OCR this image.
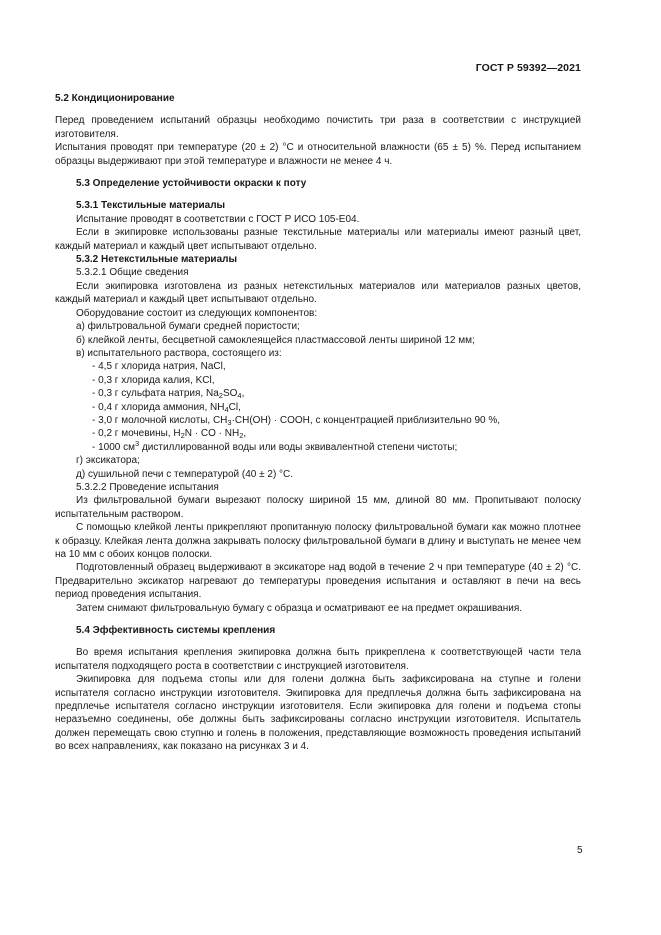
ГОСТ Р 59392—2021

5.2 Кондиционирование

Перед проведением испытаний образцы необходимо почистить три раза в соответствии с инструкцией изготовителя.

Испытания проводят при температуре (20 ± 2) °С и относительной влажности (65 ± 5) %. Перед испытанием образцы выдерживают при этой температуре и влажности не менее 4 ч.

5.3 Определение устойчивости окраски к поту

5.3.1 Текстильные материалы

Испытание проводят в соответствии с ГОСТ Р ИСО 105-Е04.

Если в экипировке использованы разные текстильные материалы или материалы имеют разный цвет, каждый материал и каждый цвет испытывают отдельно.

5.3.2 Нетекстильные материалы

5.3.2.1 Общие сведения

Если экипировка изготовлена из разных нетекстильных материалов или материалов разных цветов, каждый материал и каждый цвет испытывают отдельно.

Оборудование состоит из следующих компонентов:

а) фильтровальной бумаги средней пористости;

б) клейкой ленты, бесцветной самоклеящейся пластмассовой ленты шириной 12 мм;

в) испытательного раствора, состоящего из:

- 4,5 г хлорида натрия, NaCl,

- 0,3 г хлорида калия, KCl,

- 0,3 г сульфата натрия, $Na_2SO_4$,

- 0,4 г хлорида аммония, $NH_4Cl$,

- 3,0 г молочной кислоты, $CH_3\cdot CH(OH)$ · COOH, с концентрацией приблизительно 90 %,

- 0,2 г мочевины, $H_2N$ · CO · $NH_2$,

- 1000 $см^3$ дистиллированной воды или воды эквивалентной степени чистоты;

г) эксикатора;

д) сушильной печи с температурой (40 ± 2) °С.

5.3.2.2 Проведение испытания

Из фильтровальной бумаги вырезают полоску шириной 15 мм, длиной 80 мм. Пропитывают полоску испытательным раствором.

С помощью клейкой ленты прикрепляют пропитанную полоску фильтровальной бумаги как можно плотнее к образцу. Клейкая лента должна закрывать полоску фильтровальной бумаги в длину и выступать не менее чем на 10 мм с обоих концов полоски.

Подготовленный образец выдерживают в эксикаторе над водой в течение 2 ч при температуре (40 ± 2) °С. Предварительно эксикатор нагревают до температуры проведения испытания и оставляют в печи на весь период проведения испытания.

Затем снимают фильтровальную бумагу с образца и осматривают ее на предмет окрашивания.

5.4 Эффективность системы крепления

Во время испытания крепления экипировка должна быть прикреплена к соответствующей части тела испытателя подходящего роста в соответствии с инструкцией изготовителя.

Экипировка для подъема стопы или для голени должна быть зафиксирована на ступне и голени испытателя согласно инструкции изготовителя. Экипировка для предплечья должна быть зафиксирована на предплечье испытателя согласно инструкции изготовителя. Если экипировка для голени и подъема стопы неразъемно соединены, обе должны быть зафиксированы согласно инструкции изготовителя. Испытатель должен перемещать свою ступню и голень в положения, представляющие возможность проведения испытаний во всех направлениях, как показано на рисунках 3 и 4.

5
